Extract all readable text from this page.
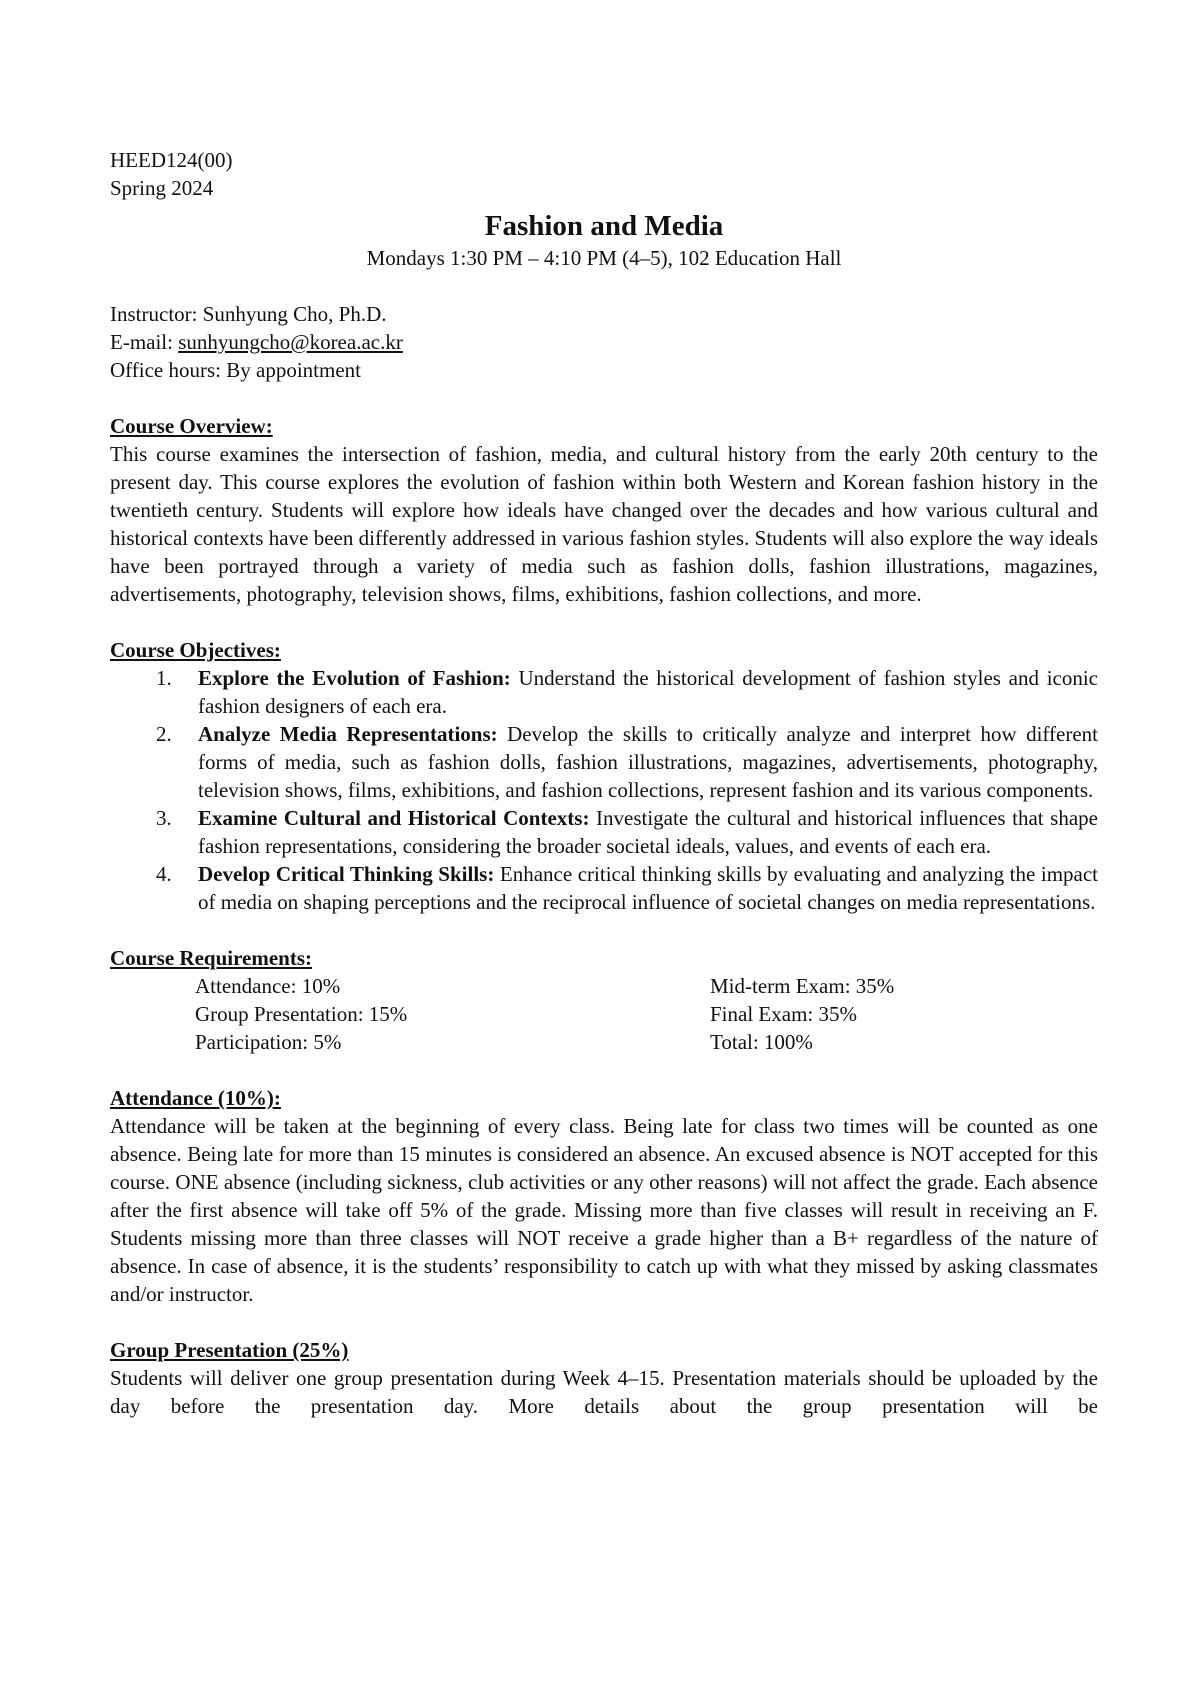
HEED124(00)
Spring 2024
Fashion and Media
Mondays 1:30 PM – 4:10 PM (4–5), 102 Education Hall
Instructor: Sunhyung Cho, Ph.D.
E-mail: sunhyungcho@korea.ac.kr
Office hours: By appointment
Course Overview:

This course examines the intersection of fashion, media, and cultural history from the early 20th century to the present day. This course explores the evolution of fashion within both Western and Korean fashion history in the twentieth century. Students will explore how ideals have changed over the decades and how various cultural and historical contexts have been differently addressed in various fashion styles. Students will also explore the way ideals have been portrayed through a variety of media such as fashion dolls, fashion illustrations, magazines, advertisements, photography, television shows, films, exhibitions, fashion collections, and more.

Course Objectives:
1. Explore the Evolution of Fashion: Understand the historical development of fashion styles and iconic fashion designers of each era.
2. Analyze Media Representations: Develop the skills to critically analyze and interpret how different forms of media, such as fashion dolls, fashion illustrations, magazines, advertisements, photography, television shows, films, exhibitions, and fashion collections, represent fashion and its various components.
3. Examine Cultural and Historical Contexts: Investigate the cultural and historical influences that shape fashion representations, considering the broader societal ideals, values, and events of each era.
4. Develop Critical Thinking Skills: Enhance critical thinking skills by evaluating and analyzing the impact of media on shaping perceptions and the reciprocal influence of societal changes on media representations.
Course Requirements:
Attendance: 10%	Mid-term Exam: 35%
Group Presentation: 15%	Final Exam: 35%
Participation: 5%	Total: 100%
Attendance (10%):

Attendance will be taken at the beginning of every class. Being late for class two times will be counted as one absence. Being late for more than 15 minutes is considered an absence. An excused absence is NOT accepted for this course. ONE absence (including sickness, club activities or any other reasons) will not affect the grade. Each absence after the first absence will take off 5% of the grade. Missing more than five classes will result in receiving an F. Students missing more than three classes will NOT receive a grade higher than a B+ regardless of the nature of absence. In case of absence, it is the students’ responsibility to catch up with what they missed by asking classmates and/or instructor.

Group Presentation (25%)

Students will deliver one group presentation during Week 4–15. Presentation materials should be uploaded by the day before the presentation day. More details about the group presentation will be
